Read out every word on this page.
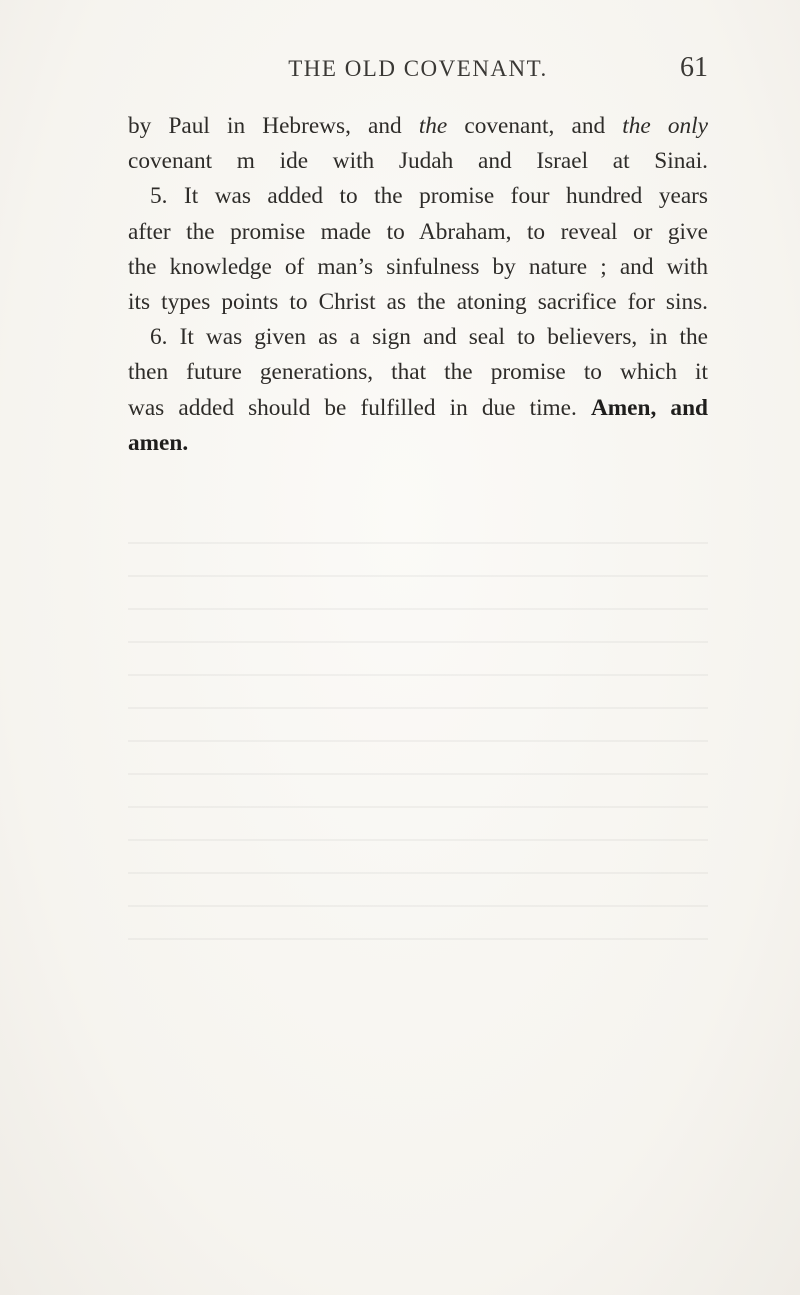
THE OLD COVENANT.	61
by Paul in Hebrews, and the covenant, and the only
covenant m ide with Judah and Israel at Sinai.
5. It was added to the promise four hundred years
after the promise made to Abraham, to reveal or give
the knowledge of man’s sinfulness by nature ; and with
its types points to Christ as the atoning sacrifice for sins.
6. It was given as a sign and seal to believers, in the
then future generations, that the promise to which it
was added should be fulfilled in due time. Amen, and
amen.
